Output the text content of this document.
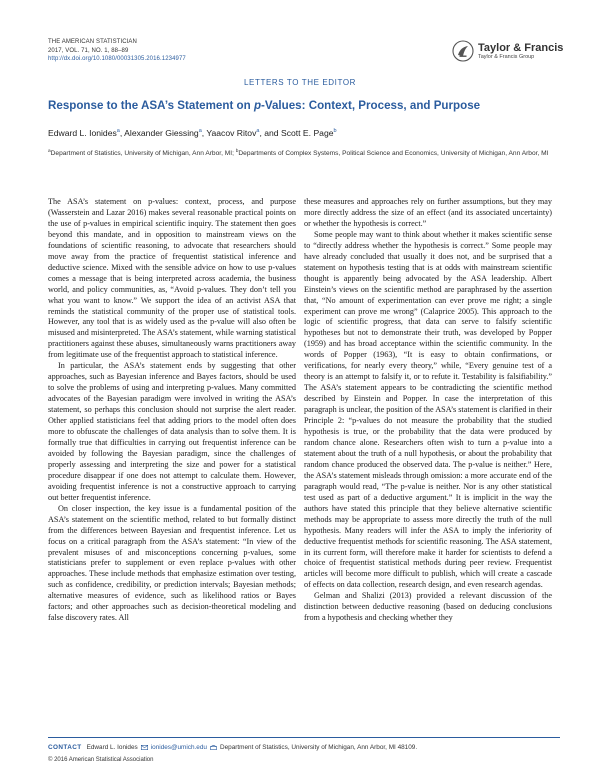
THE AMERICAN STATISTICIAN
2017, VOL. 71, NO. 1, 88–89
http://dx.doi.org/10.1080/00031305.2016.1234977
Taylor & Francis
Taylor & Francis Group
LETTERS TO THE EDITOR
Response to the ASA’s Statement on p-Values: Context, Process, and Purpose
Edward L. Ionides$^a$, Alexander Giessing$^a$, Yaacov Ritov$^a$, and Scott E. Page$^b$
$^a$Department of Statistics, University of Michigan, Ann Arbor, MI; $^b$Departments of Complex Systems, Political Science and Economics, University of Michigan, Ann Arbor, MI

The ASA’s statement on p-values: context, process, and purpose (Wasserstein and Lazar 2016) makes several reasonable practical points on the use of p-values in empirical scientific inquiry. The statement then goes beyond this mandate, and in opposition to mainstream views on the foundations of scientific reasoning, to advocate that researchers should move away from the practice of frequentist statistical inference and deductive science. Mixed with the sensible advice on how to use p-values comes a message that is being interpreted across academia, the business world, and policy communities, as, “Avoid p-values. They don’t tell you what you want to know.” We support the idea of an activist ASA that reminds the statistical community of the proper use of statistical tools. However, any tool that is as widely used as the p-value will also often be misused and misinterpreted. The ASA’s statement, while warning statistical practitioners against these abuses, simultaneously warns practitioners away from legitimate use of the frequentist approach to statistical inference.

In particular, the ASA’s statement ends by suggesting that other approaches, such as Bayesian inference and Bayes factors, should be used to solve the problems of using and interpreting p-values. Many committed advocates of the Bayesian paradigm were involved in writing the ASA’s statement, so perhaps this conclusion should not surprise the alert reader. Other applied statisticians feel that adding priors to the model often does more to obfuscate the challenges of data analysis than to solve them. It is formally true that difficulties in carrying out frequentist inference can be avoided by following the Bayesian paradigm, since the challenges of properly assessing and interpreting the size and power for a statistical procedure disappear if one does not attempt to calculate them. However, avoiding frequentist inference is not a constructive approach to carrying out better frequentist inference.

On closer inspection, the key issue is a fundamental position of the ASA’s statement on the scientific method, related to but formally distinct from the differences between Bayesian and frequentist inference. Let us focus on a critical paragraph from the ASA’s statement: “In view of the prevalent misuses of and misconceptions concerning p-values, some statisticians prefer to supplement or even replace p-values with other approaches. These include methods that emphasize estimation over testing, such as confidence, credibility, or prediction intervals; Bayesian methods; alternative measures of evidence, such as likelihood ratios or Bayes factors; and other approaches such as decision-theoretical modeling and false discovery rates. All

these measures and approaches rely on further assumptions, but they may more directly address the size of an effect (and its associated uncertainty) or whether the hypothesis is correct.”

Some people may want to think about whether it makes scientific sense to “directly address whether the hypothesis is correct.” Some people may have already concluded that usually it does not, and be surprised that a statement on hypothesis testing that is at odds with mainstream scientific thought is apparently being advocated by the ASA leadership. Albert Einstein’s views on the scientific method are paraphrased by the assertion that, “No amount of experimentation can ever prove me right; a single experiment can prove me wrong” (Calaprice 2005). This approach to the logic of scientific progress, that data can serve to falsify scientific hypotheses but not to demonstrate their truth, was developed by Popper (1959) and has broad acceptance within the scientific community. In the words of Popper (1963), “It is easy to obtain confirmations, or verifications, for nearly every theory,” while, “Every genuine test of a theory is an attempt to falsify it, or to refute it. Testability is falsifiability.” The ASA’s statement appears to be contradicting the scientific method described by Einstein and Popper. In case the interpretation of this paragraph is unclear, the position of the ASA’s statement is clarified in their Principle 2: “p-values do not measure the probability that the studied hypothesis is true, or the probability that the data were produced by random chance alone. Researchers often wish to turn a p-value into a statement about the truth of a null hypothesis, or about the probability that random chance produced the observed data. The p-value is neither.” Here, the ASA’s statement misleads through omission: a more accurate end of the paragraph would read, “The p-value is neither. Nor is any other statistical test used as part of a deductive argument.” It is implicit in the way the authors have stated this principle that they believe alternative scientific methods may be appropriate to assess more directly the truth of the null hypothesis. Many readers will infer the ASA to imply the inferiority of deductive frequentist methods for scientific reasoning. The ASA statement, in its current form, will therefore make it harder for scientists to defend a choice of frequentist statistical methods during peer review. Frequentist articles will become more difficult to publish, which will create a cascade of effects on data collection, research design, and even research agendas.

Gelman and Shalizi (2013) provided a relevant discussion of the distinction between deductive reasoning (based on deducing conclusions from a hypothesis and checking whether they

CONTACT Edward L. Ionides ionides@umich.edu Department of Statistics, University of Michigan, Ann Arbor, MI 48109.
© 2016 American Statistical Association
